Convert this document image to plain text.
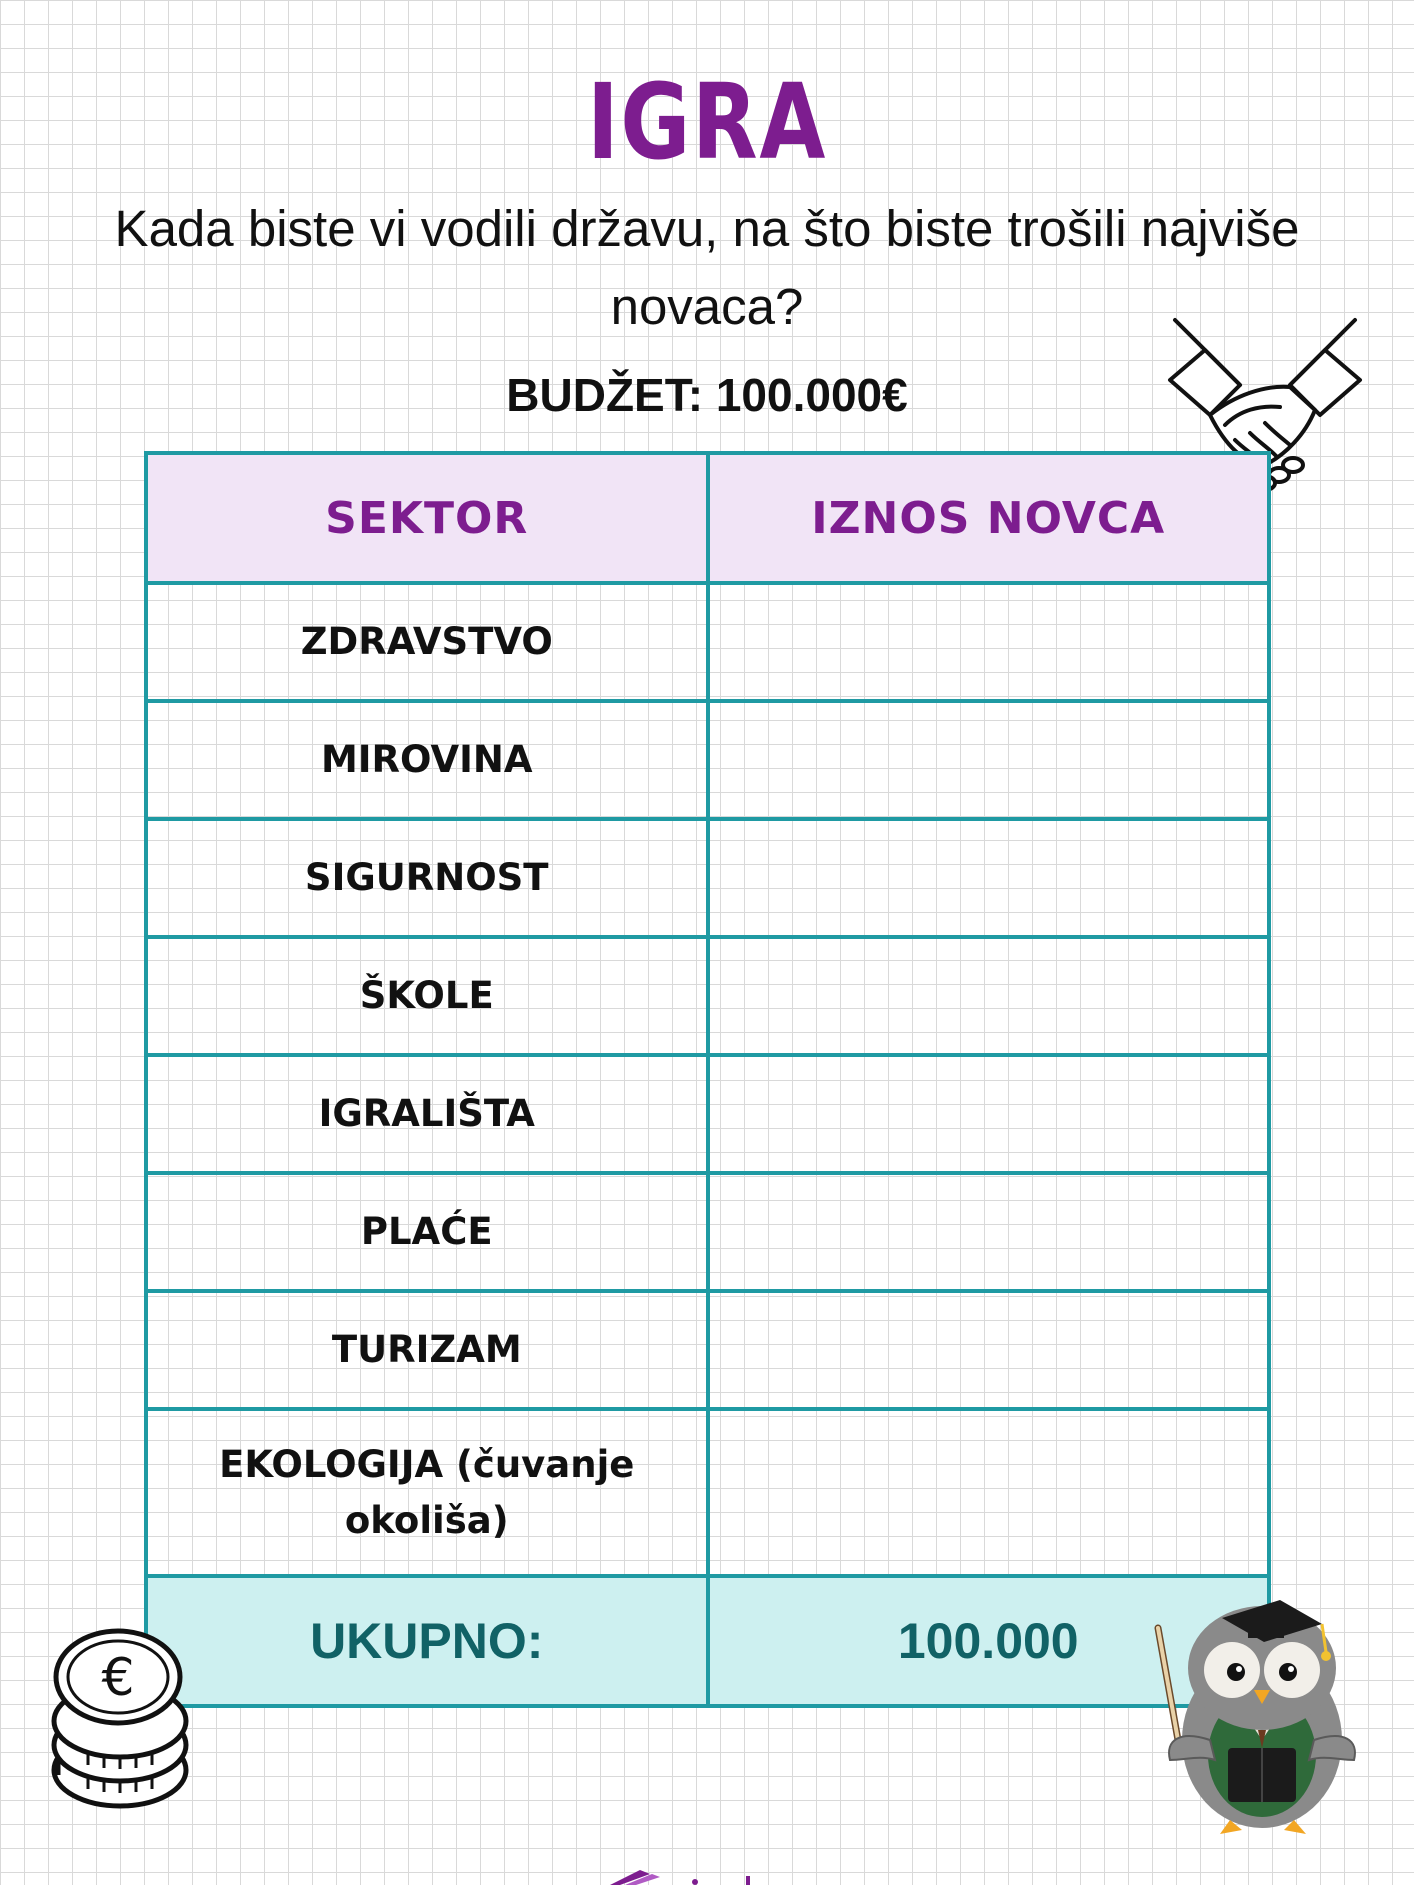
IGRA
Kada biste vi vodili državu, na što biste trošili najviše novaca?
BUDŽET: 100.000€
SEKTOR	IZNOS NOVCA
ZDRAVSTVO	
MIROVINA	
SIGURNOST	
ŠKOLE	
IGRALIŠTA	
PLAĆE	
TURIZAM	
EKOLOGIJA (čuvanje okoliša)	
UKUPNO:	100.000
€
